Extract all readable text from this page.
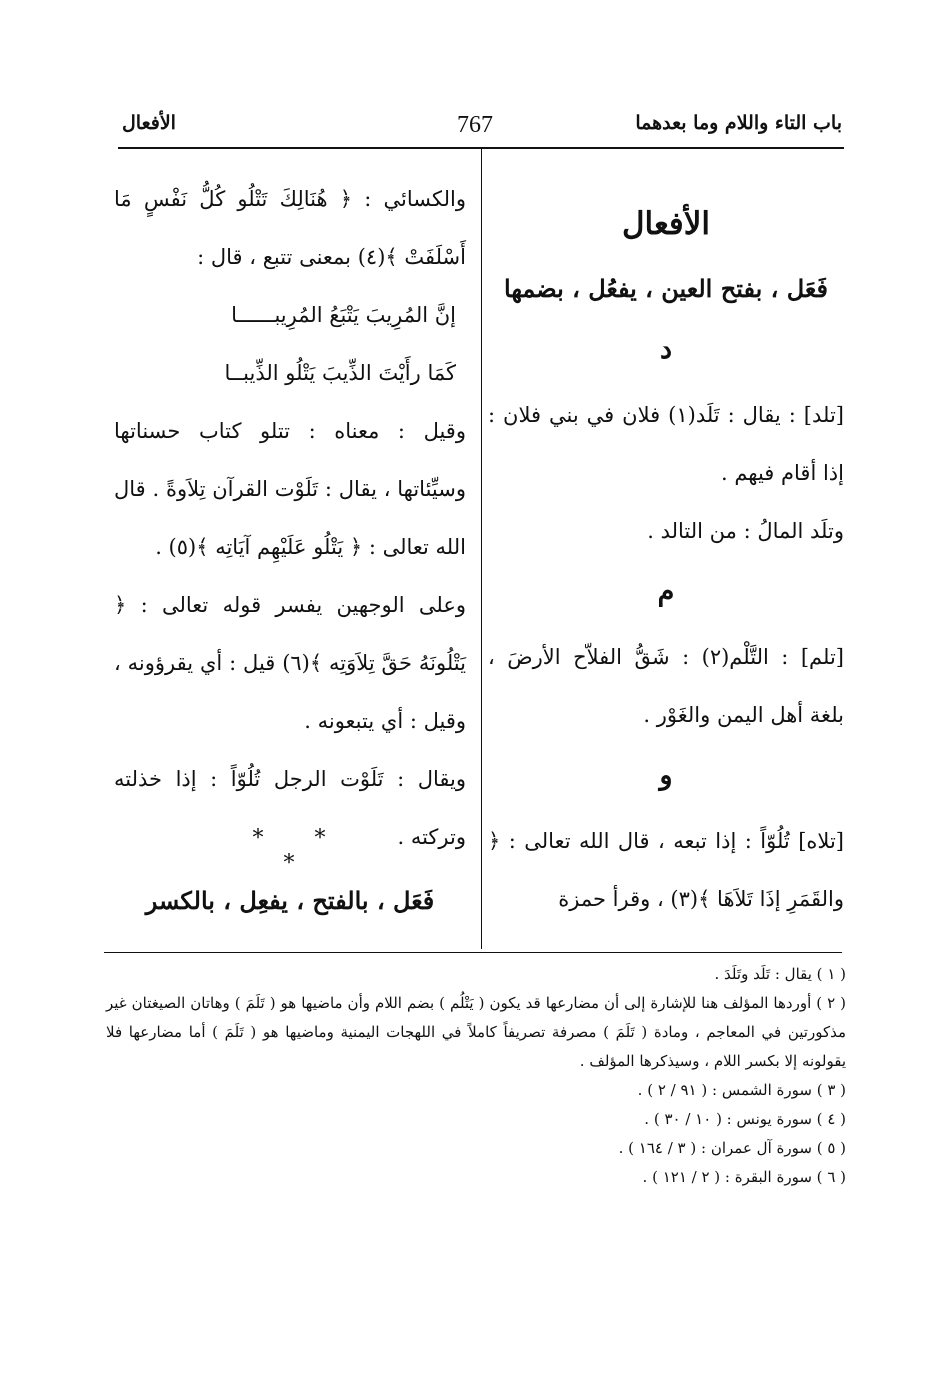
باب التاء واللام وما بعدهما
767
الأفعال
الأفعال
فَعَل ، بفتح العين ، يفعُل ، بضمها
د

[تلد] : يقال : تَلَد(١) فلان في بني فلان : إذا أقام فيهم .

وتلَد المالُ : من التالد .

م

[تلم] : التَّلْم(٢) : شَقُّ الفلاّح الأرضَ ، بلغة أهل اليمن والغَوْر .

و

[تلاه] تُلُوّاً : إذا تبعه ، قال الله تعالى : ﴿ والقَمَرِ إذَا تَلاَهَا ﴾(٣) ، وقرأ حمزة

والكسائي : ﴿ هُنَالِكَ تَتْلُو كُلُّ نَفْسٍ مَا أَسْلَفَتْ ﴾(٤) بمعنى تتبع ، قال :

إنَّ المُرِيبَ يَتْبَعُ المُرِيبــــــا

كَمَا رأَيْتَ الذِّيبَ يَتْلُو الذِّيبــا

وقيل : معناه : تتلو كتاب حسناتها وسيِّئاتها ، يقال : تَلَوْت القرآن تِلاَوةً . قال الله تعالى : ﴿ يَتْلُو عَلَيْهِم آيَاتِه ﴾(٥) .

وعلى الوجهين يفسر قوله تعالى : ﴿ يَتْلُونَهُ حَقَّ تِلاَوَتِه ﴾(٦) قيل : أي يقرؤونه ، وقيل : أي يتبعونه .

ويقال : تَلَوْت الرجل تُلُوّاً : إذا خذلته وتركته .

* * *
فَعَل ، بالفتح ، يفعِل ، بالكسر

( ١ ) يقال : تَلَد وتَلَدَ .

( ٢ ) أوردها المؤلف هنا للإشارة إلى أن مضارعها قد يكون ( يَتْلُم ) بضم اللام وأن ماضيها هو ( تَلَمَ ) وهاتان الصيغتان غير مذكورتين في المعاجم ، ومادة ( تَلَمَ ) مصرفة تصريفاً كاملاً في اللهجات اليمنية وماضيها هو ( تَلَمَ ) أما مضارعها فلا يقولونه إلا بكسر اللام ، وسيذكرها المؤلف .

( ٣ ) سورة الشمس : ( ٩١ / ٢ ) .

( ٤ ) سورة يونس : ( ١٠ / ٣٠ ) .

( ٥ ) سورة آل عمران : ( ٣ / ١٦٤ ) .

( ٦ ) سورة البقرة : ( ٢ / ١٢١ ) .
